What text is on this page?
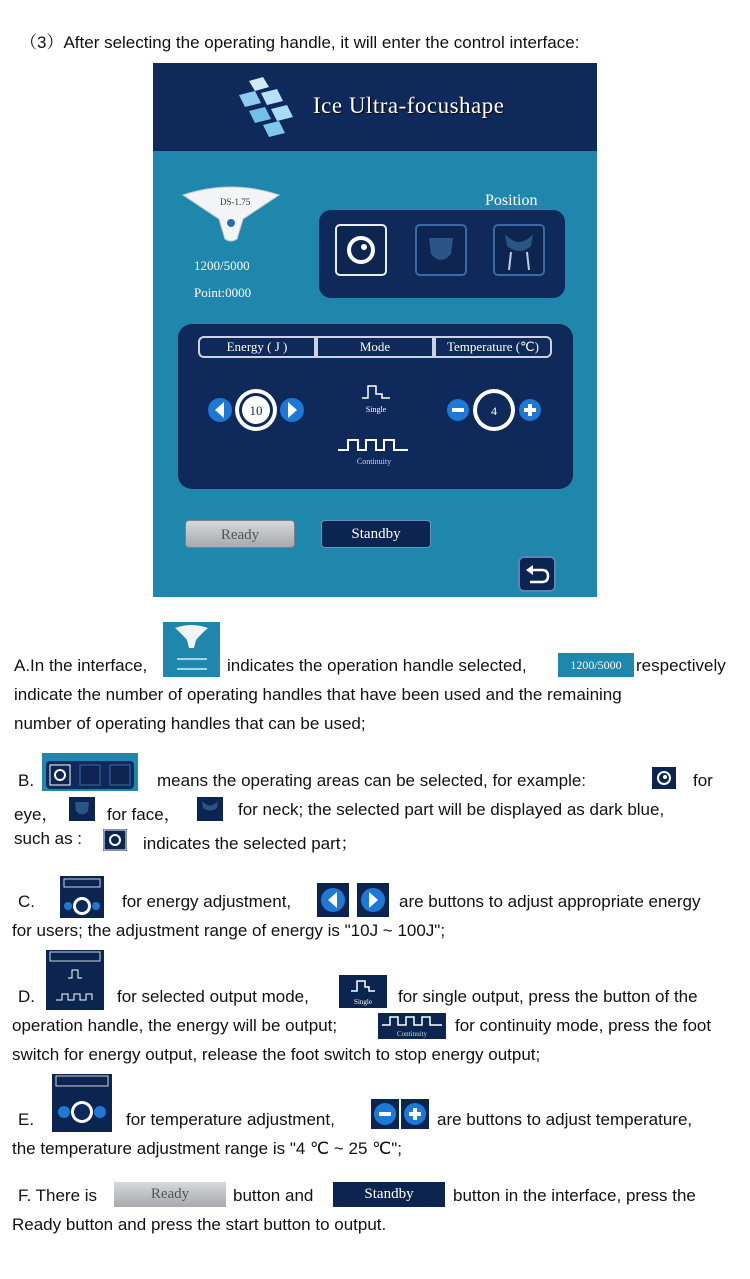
（3）After selecting the operating handle, it will enter the control interface:
Ice Ultra-focushape
DS-1.75
1200/5000
Point:0000
Position
Energy ( J )	Mode	Temperature (℃)
10	Single
Continuity
4
Ready	Standby
A.In the interface,	indicates the operation handle selected,	1200/5000 respectively
indicate the number of operating handles that have been used and the remaining
number of operating handles that can be used;
B.	means the operating areas can be selected, for example:	for
eye，	for face，	for neck; the selected part will be displayed as dark blue,
such as :	indicates the selected part；
C.	for energy adjustment,	are buttons to adjust appropriate energy
for users; the adjustment range of energy is "10J ~ 100J";
D.	for selected output mode,	Single for single output, press the button of the
operation handle, the energy will be output;	Continuity for continuity mode, press the foot
switch for energy output, release the foot switch to stop energy output;
E.	for temperature adjustment,	are buttons to adjust temperature,
the temperature adjustment range is "4 ℃ ~ 25 ℃";
F. There is	Ready	button and	Standby	button in the interface, press the
Ready button and press the start button to output.
